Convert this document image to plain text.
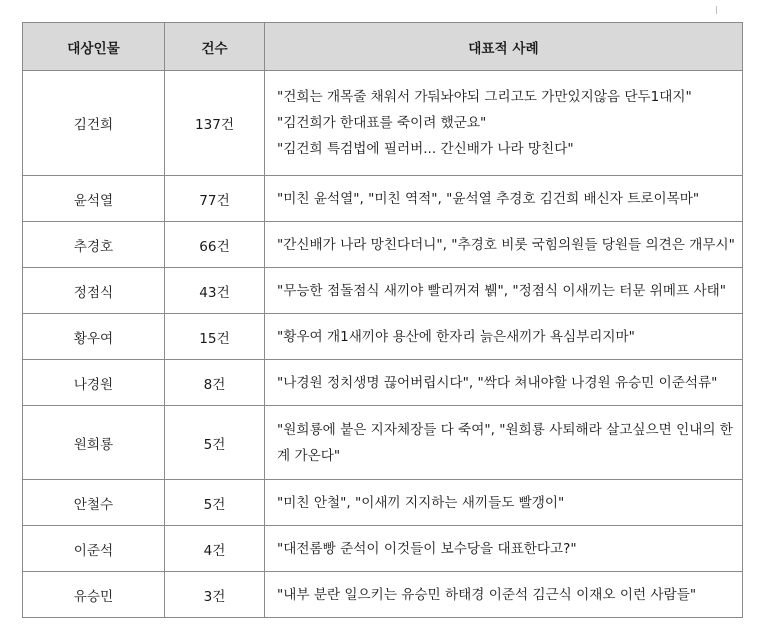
대상인물	건수	대표적 사례
김건희	137건	"건희는 개목줄 채워서 가둬놔야되 그리고도 가만있지않음 단두1대지"
"김건희가 한대표를 죽이려 했군요"
"김건희 특검법에 필러버... 간신배가 나라 망친다"

윤석열	77건	"미친 윤석열", "미친 역적", "윤석열 추경호 김건희 배신자 트로이목마"

추경호	66건	"간신배가 나라 망친다더니", "추경호 비롯 국힘의원들 당원들 의견은 개무시"

정점식	43건	"무능한 점돌점식 새끼야 빨리꺼져 뷁", "정점식 이새끼는 터문 위메프 사태"

황우여	15건	"황우여 개1새끼야 용산에 한자리 늙은새끼가 욕심부리지마"

나경원	8건	"나경원 정치생명 끊어버립시다", "싹다 쳐내야할 나경원 유승민 이준석류"

원희룡	5건	"원희룡에 붙은 지자체장들 다 죽여", "원희룡 사퇴해라 살고싶으면 인내의 한계 가온다"

안철수	5건	"미친 안철", "이새끼 지지하는 새끼들도 빨갱이"

이준석	4건	"대전롬빵 준석이 이것들이 보수당을 대표한다고?"

유승민	3건	"내부 분란 일으키는 유승민 하태경 이준석 김근식 이재오 이런 사람들"
